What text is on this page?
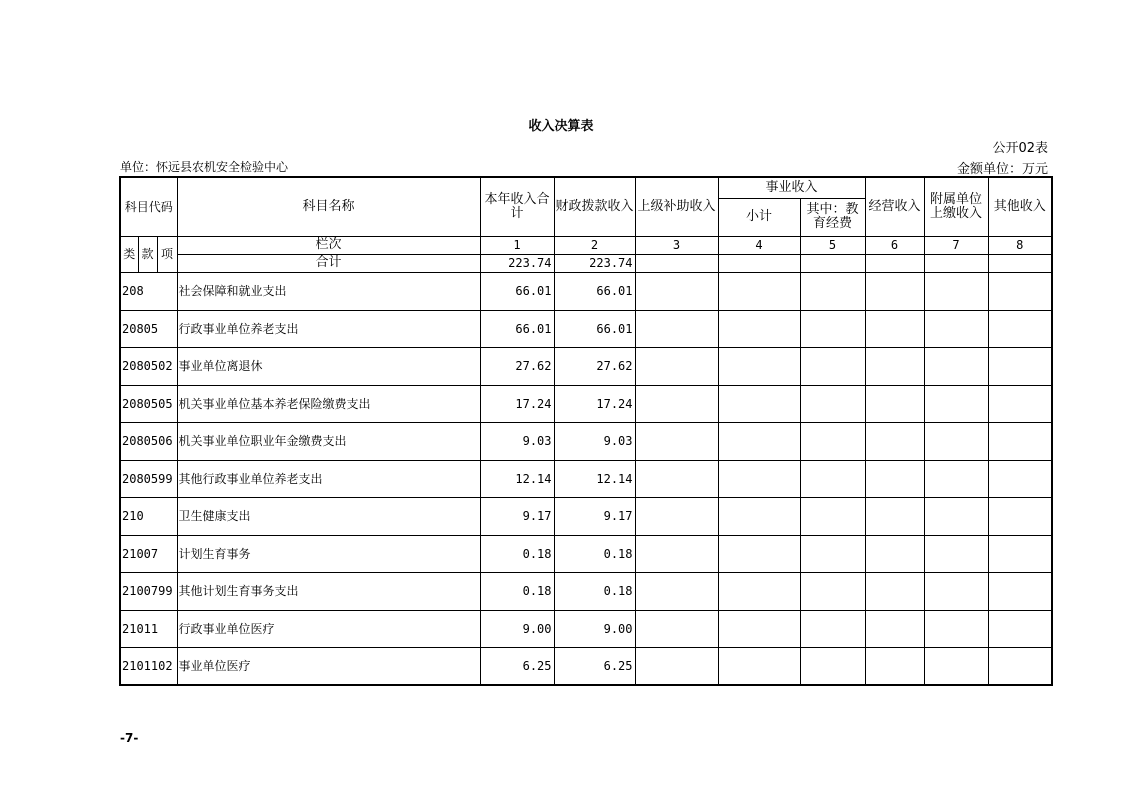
收入决算表
公开02表
单位：怀远县农机安全检验中心	金额单位：万元
科目代码			科目名称	本年收入合计	财政拨款收入	上级补助收入	事业收入		经营收入	附属单位上缴收入	其他收入
							小计	其中：教育经费			
类	款	项	栏次	1	2	3	4	5	6	7	8
			合计	223.74	223.74						
208			社会保障和就业支出	66.01	66.01						
20805			行政事业单位养老支出	66.01	66.01						
2080502			事业单位离退休	27.62	27.62						
2080505			机关事业单位基本养老保险缴费支出	17.24	17.24						
2080506			机关事业单位职业年金缴费支出	9.03	9.03						
2080599			其他行政事业单位养老支出	12.14	12.14						
210			卫生健康支出	9.17	9.17						
21007			计划生育事务	0.18	0.18						
2100799			其他计划生育事务支出	0.18	0.18						
21011			行政事业单位医疗	9.00	9.00						
2101102			事业单位医疗	6.25	6.25						
-7-
